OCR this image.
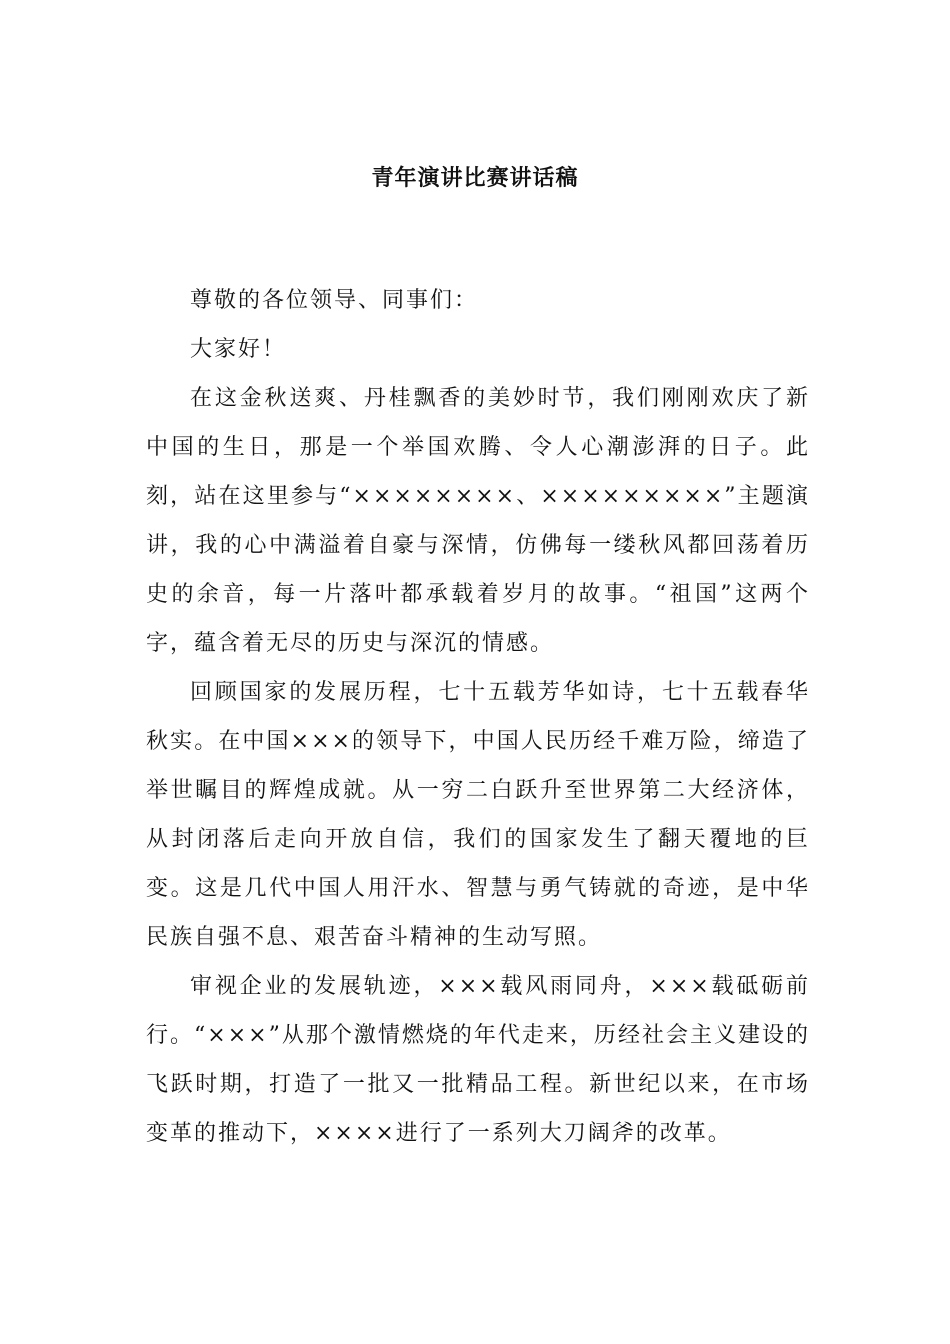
青年演讲比赛讲话稿

尊敬的各位领导、同事们：

大家好！

在这金秋送爽、丹桂飘香的美妙时节，我们刚刚欢庆了新中国的生日，那是一个举国欢腾、令人心潮澎湃的日子。此刻，站在这里参与“××××××××、×××××××××”主题演讲，我的心中满溢着自豪与深情，仿佛每一缕秋风都回荡着历史的余音，每一片落叶都承载着岁月的故事。“祖国”这两个字，蕴含着无尽的历史与深沉的情感。

回顾国家的发展历程，七十五载芳华如诗，七十五载春华秋实。在中国×××的领导下，中国人民历经千难万险，缔造了举世瞩目的辉煌成就。从一穷二白跃升至世界第二大经济体，从封闭落后走向开放自信，我们的国家发生了翻天覆地的巨变。这是几代中国人用汗水、智慧与勇气铸就的奇迹，是中华民族自强不息、艰苦奋斗精神的生动写照。

审视企业的发展轨迹，×××载风雨同舟，×××载砥砺前行。“×××”从那个激情燃烧的年代走来，历经社会主义建设的飞跃时期，打造了一批又一批精品工程。新世纪以来，在市场变革的推动下，××××进行了一系列大刀阔斧的改革。
